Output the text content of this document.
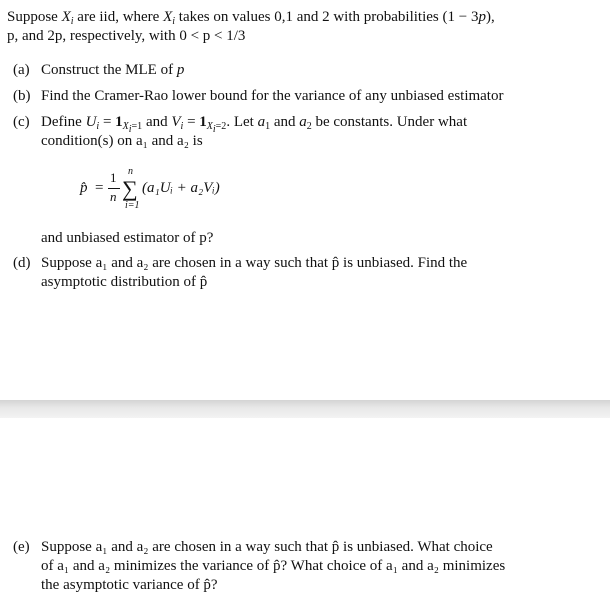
Suppose $X_i$ are iid, where $X_i$ takes on values 0,1 and 2 with probabilities (1 − 3p),
p, and 2p, respectively, with 0 < p < 1/3
(a) Construct the MLE of p
(b) Find the Cramer-Rao lower bound for the variance of any unbiased estimator
(c) Define $U_i = 1_{X_i=1}$ and $V_i = 1_{X_i=2}$. Let $a_1$ and $a_2$ be constants. Under what
condition(s) on a₁ and a₂ is
p̂ =
1
n
n
∑
i=1
(a₁Uᵢ + a₂Vᵢ)
and unbiased estimator of p?
(d) Suppose a₁ and a₂ are chosen in a way such that p̂ is unbiased. Find the
asymptotic distribution of p̂
(e) Suppose a₁ and a₂ are chosen in a way such that p̂ is unbiased. What choice
of a₁ and a₂ minimizes the variance of p̂? What choice of a₁ and a₂ minimizes
the asymptotic variance of p̂?
